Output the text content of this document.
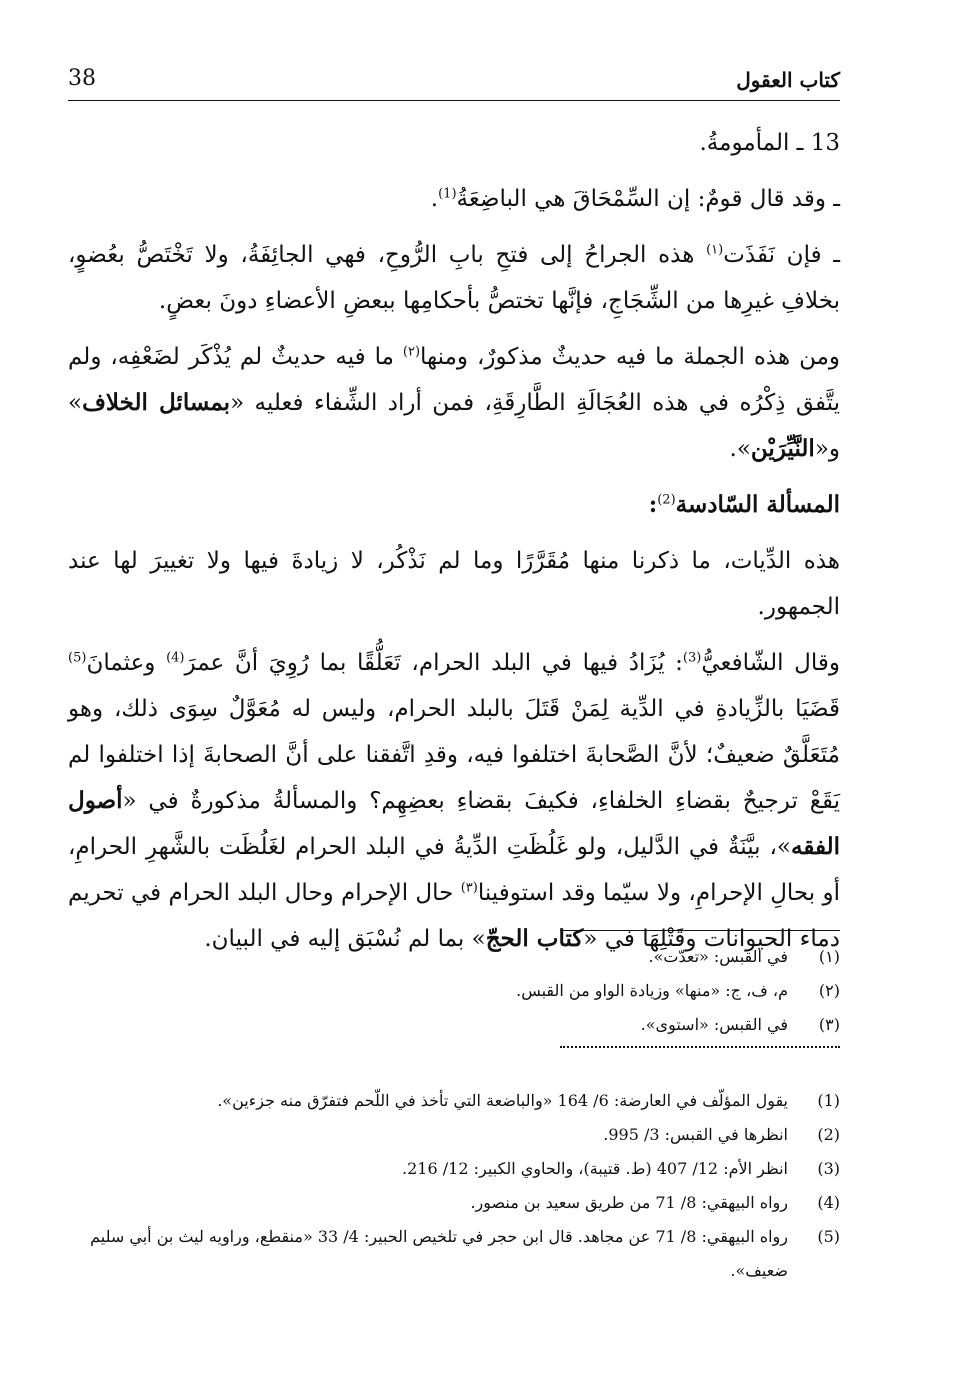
38	كتاب العقول

13 ـ المأمومةُ.

ـ وقد قال قومٌ: إن السِّمْحَاقَ هي الباضِعَةُ$^{(1)}$.

ـ فإن نَفَذَت$^{(١)}$ هذه الجراحُ إلى فتحِ بابِ الرُّوحِ، فهي الجائِفَةُ، ولا تَخْتَصُّ بعُضوٍ، بخلافِ غيرِها من الشِّجَاجِ، فإنَّها تختصُّ بأحكامِها ببعضِ الأعضاءِ دونَ بعضٍ.

ومن هذه الجملة ما فيه حديثٌ مذكورٌ، ومنها$^{(٢)}$ ما فيه حديثٌ لم يُذْكَر لضَعْفِه، ولم يتَّفق ذِكْرُه في هذه العُجَالَةِ الطَّارِقَةِ، فمن أراد الشِّفاء فعليه «بمسائل الخلاف» و«النَّيِّرَيْن».

المسألة السّادسة$^{(2)}$:

هذه الدِّيات، ما ذكرنا منها مُقَرَّرًا وما لم نَذْكُر، لا زيادةَ فيها ولا تغييرَ لها عند الجمهور.

وقال الشّافعيُّ$^{(3)}$: يُزَادُ فيها في البلد الحرام، تَعَلُّقًا بما رُوِيَ أنَّ عمرَ$^{(4)}$ وعثمانَ$^{(5)}$ قَضَيَا بالزِّيادةِ في الدِّية لِمَنْ قَتَلَ بالبلد الحرام، وليس له مُعَوَّلٌ سِوَى ذلك، وهو مُتَعَلَّقٌ ضعيفٌ؛ لأنَّ الصَّحابةَ اختلفوا فيه، وقدِ اتَّفقنا على أنَّ الصحابةَ إذا اختلفوا لم يَقَعْ ترجيحٌ بقضاءِ الخلفاءِ، فكيفَ بقضاءِ بعضِهِم؟ والمسألةُ مذكورةٌ في «أصول الفقه»، بيَّنَةٌ في الدَّليل، ولو غَلُظَتِ الدِّيةُ في البلد الحرام لغَلُظَت بالشَّهرِ الحرامِ، أو بحالِ الإحرامِ، ولا سيّما وقد استوفينا$^{(٣)}$ حال الإحرام وحال البلد الحرام في تحريم دماء الحيوانات وقَتْلِهَا في «كتاب الحجّ» بما لم نُسْبَق إليه في البيان.

(١)
في القبس: «تعدّت».
(٢)
م، ف، ج: «منها» وزيادة الواو من القبس.
(٣)
في القبس: «استوى».
(1)
يقول المؤلّف في العارضة: 6/ 164 «والباضعة التي تأخذ في اللّحم فتفرّق منه جزءين».
(2)
انظرها في القبس: 3/ 995.
(3)
انظر الأم: 12/ 407 (ط. قتيبة)، والحاوي الكبير: 12/ 216.
(4)
رواه البيهقي: 8/ 71 من طريق سعيد بن منصور.
(5)
رواه البيهقي: 8/ 71 عن مجاهد. قال ابن حجر في تلخيص الحبير: 4/ 33 «منقطع، وراويه ليث بن أبي سليم ضعيف».
